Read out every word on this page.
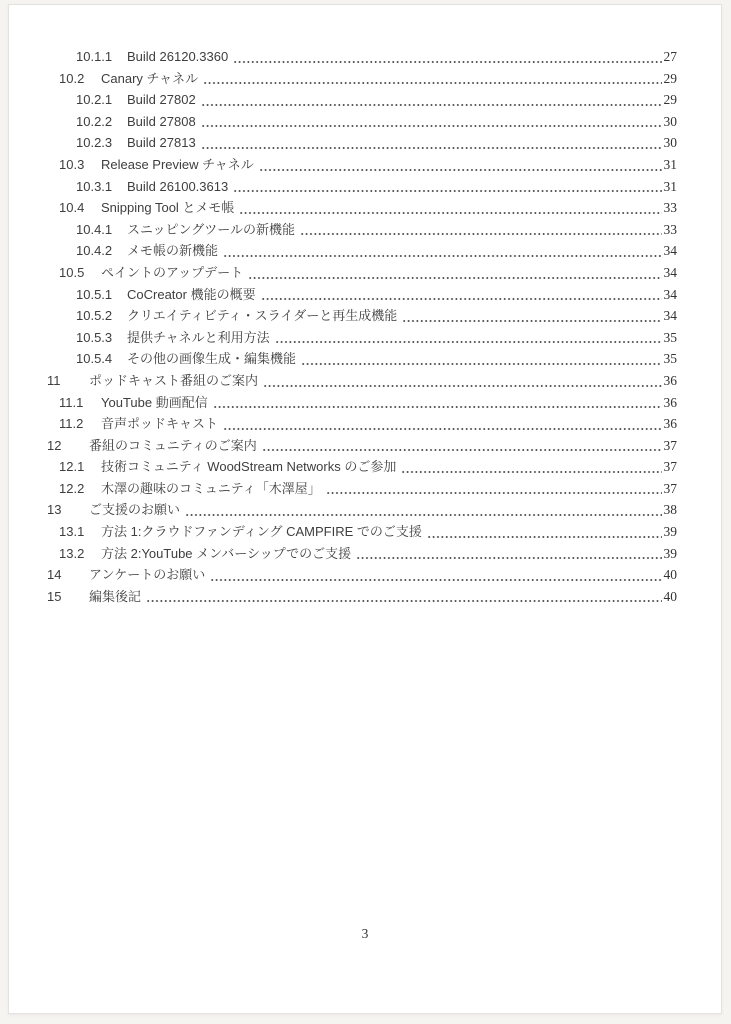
10.1.1	Build 26120.3360	27
10.2	Canary チャネル	29
10.2.1	Build 27802	29
10.2.2	Build 27808	30
10.2.3	Build 27813	30
10.3	Release Preview チャネル	31
10.3.1	Build 26100.3613	31
10.4	Snipping Tool とメモ帳	33
10.4.1	スニッピングツールの新機能	33
10.4.2	メモ帳の新機能	34
10.5	ペイントのアップデート	34
10.5.1	CoCreator 機能の概要	34
10.5.2	クリエイティビティ・スライダーと再生成機能	34
10.5.3	提供チャネルと利用方法	35
10.5.4	その他の画像生成・編集機能	35
11	ポッドキャスト番組のご案内	36
11.1	YouTube 動画配信	36
11.2	音声ポッドキャスト	36
12	番組のコミュニティのご案内	37
12.1	技術コミュニティ WoodStream Networks のご参加	37
12.2	木澤の趣味のコミュニティ「木澤屋」	37
13	ご支援のお願い	38
13.1	方法 1:クラウドファンディング CAMPFIRE でのご支援	39
13.2	方法 2:YouTube メンバーシップでのご支援	39
14	アンケートのお願い	40
15	編集後記	40
3
